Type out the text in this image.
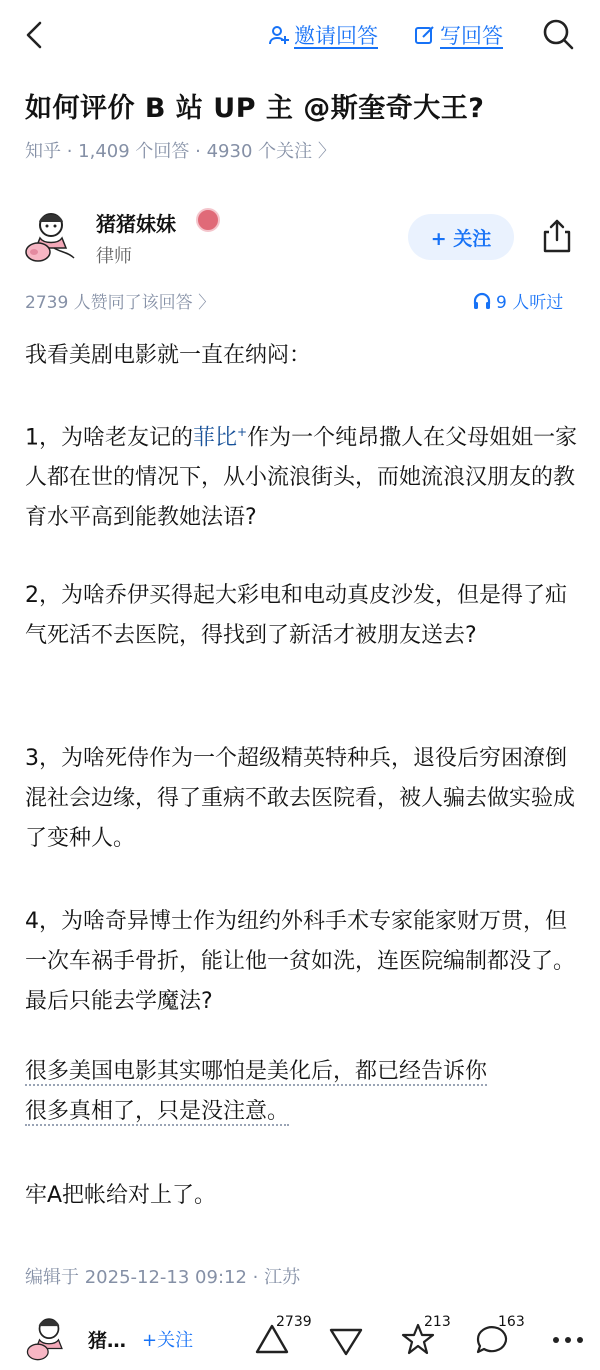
邀请回答	写回答
如何评价 B 站 UP 主 @斯奎奇大王?
知乎 · 1,409 个回答 · 4930 个关注 〉
猪猪妹妹
律师
+ 关注
2739 人赞同了该回答 〉	9 人听过
我看美剧电影就一直在纳闷：
1，为啥老友记的菲比+作为一个纯昂撒人在父母姐姐一家人都在世的情况下，从小流浪街头，而她流浪汉朋友的教育水平高到能教她法语?
2，为啥乔伊买得起大彩电和电动真皮沙发，但是得了疝气死活不去医院，得找到了新活才被朋友送去?
3，为啥死侍作为一个超级精英特种兵，退役后穷困潦倒混社会边缘，得了重病不敢去医院看，被人骗去做实验成了变种人。
4，为啥奇异博士作为纽约外科手术专家能家财万贯，但一次车祸手骨折，能让他一贫如洗，连医院编制都没了。最后只能去学魔法?
很多美国电影其实哪怕是美化后，都已经告诉你
很多真相了，只是没注意。
牢A把帐给对上了。
编辑于 2025-12-13 09:12 · 江苏
猪… +关注
2739	213	163
